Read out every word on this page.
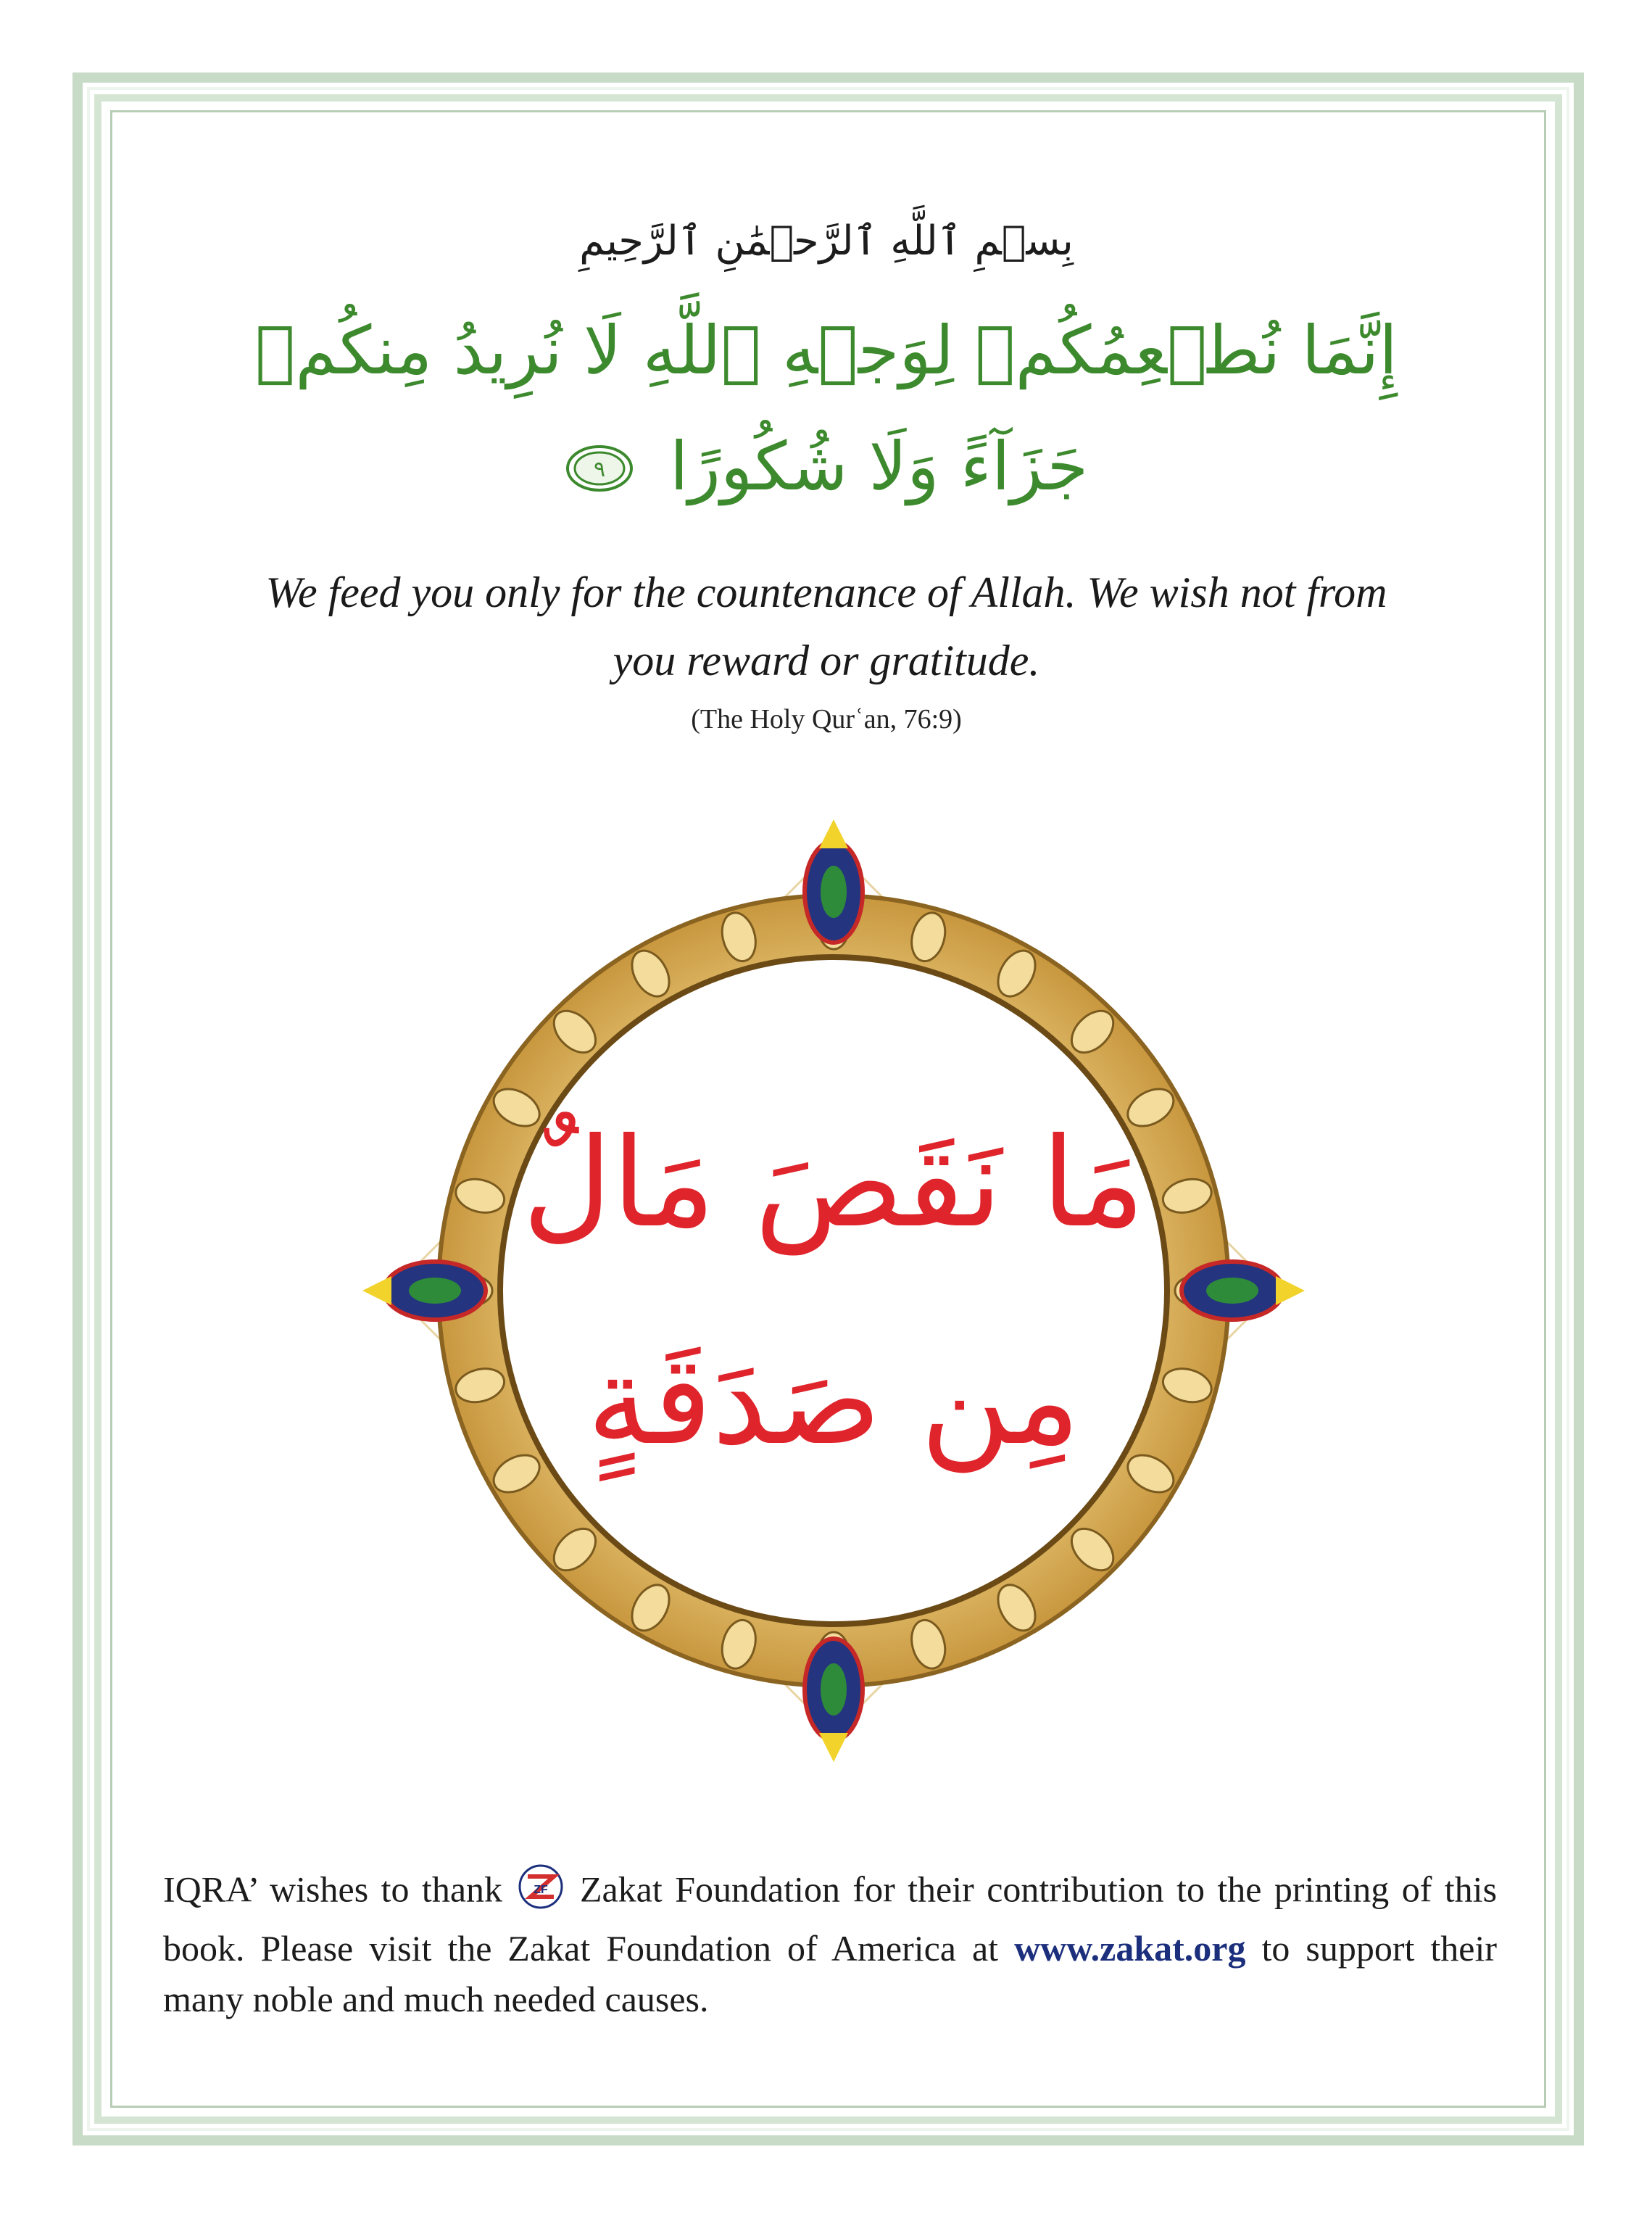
بِسۡمِ ٱللَّهِ ٱلرَّحۡمَٰنِ ٱلرَّحِيمِ
إِنَّمَا نُطۡعِمُكُمۡ لِوَجۡهِ ٱللَّهِ لَا نُرِيدُ مِنكُمۡ
جَزَآءً وَلَا شُكُورًا
٩
We feed you only for the countenance of Allah. We wish not from
you reward or gratitude.
(The Holy Qurʿan, 76:9)
مَا نَقَصَ مَالٌ
مِن صَدَقَةٍ
IQRA’ wishes to thank	ZF Zakat Foundation for their contribution to the printing of this book. Please visit the Zakat Foundation of America at www.zakat.org to support their many noble and much needed causes.
